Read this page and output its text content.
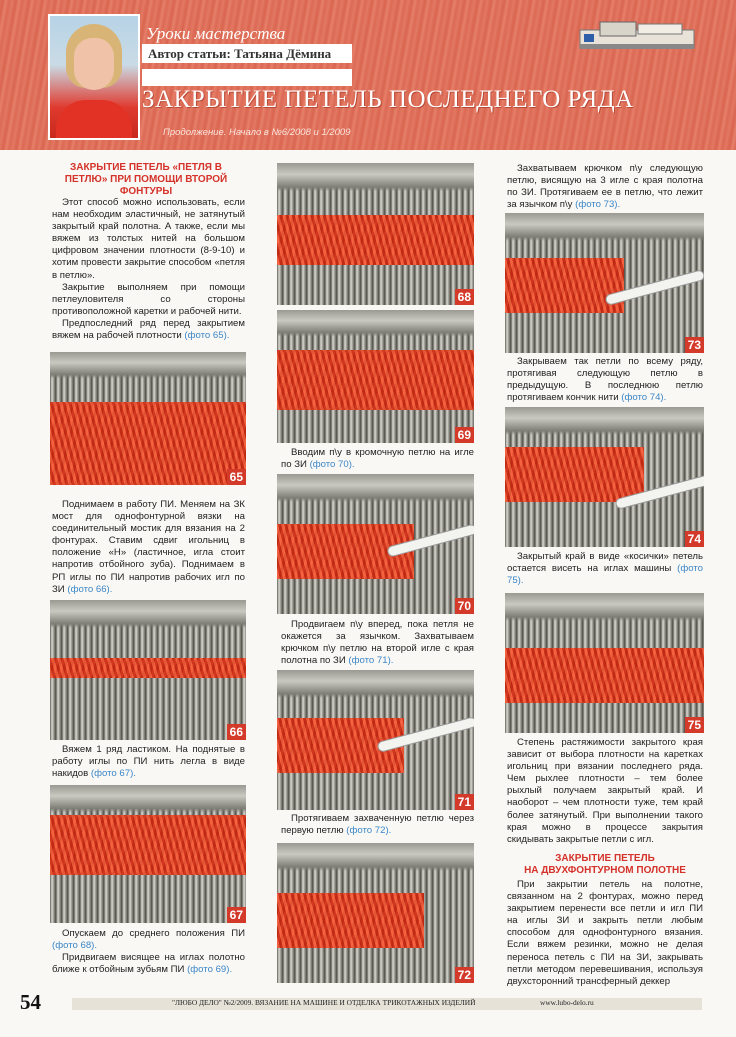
Уроки мастерства
Автор статьи: Татьяна Дёмина
ЗАКРЫТИЕ ПЕТЕЛЬ ПОСЛЕДНЕГО РЯДА
Продолжение. Начало в №6/2008 и 1/2009
ЗАКРЫТИЕ ПЕТЕЛЬ «ПЕТЛЯ В ПЕТЛЮ» ПРИ ПОМОЩИ ВТОРОЙ ФОНТУРЫ

Этот способ можно использовать, если нам необходим эластичный, не затянутый закрытый край полотна. А также, если мы вяжем из толстых нитей на большом цифровом значении плотности (8-9-10) и хотим провести закрытие способом «петля в петлю».

Закрытие выполняем при помощи петлеуловителя со стороны противоположной каретки и рабочей нити.

Предпоследний ряд перед закрытием вяжем на рабочей плотности (фото 65).

65

Поднимаем в работу ПИ. Меняем на ЗК мост для однофонтурной вязки на соединительный мостик для вязания на 2 фонтурах. Ставим сдвиг игольниц в положение «Н» (ластичное, игла стоит напротив отбойного зуба). Поднимаем в РП иглы по ПИ напротив рабочих игл по ЗИ (фото 66).

66

Вяжем 1 ряд ластиком. На поднятые в работу иглы по ПИ нить легла в виде накидов (фото 67).

67

Опускаем до среднего положения ПИ (фото 68).

Придвигаем висящее на иглах полотно ближе к отбойным зубьям ПИ (фото 69).

68
69

Вводим п\у в кромочную петлю на игле по ЗИ (фото 70).

70

Продвигаем п\у вперед, пока петля не окажется за язычком. Захватываем крючком п\у петлю на второй игле с края полотна по ЗИ (фото 71).

71

Протягиваем захваченную петлю через первую петлю (фото 72).

72

Захватываем крючком п\у следующую петлю, висящую на 3 игле с края полотна по ЗИ. Протягиваем ее в петлю, что лежит за язычком п\у (фото 73).

73

Закрываем так петли по всему ряду, протягивая следующую петлю в предыдущую. В последнюю петлю протягиваем кончик нити (фото 74).

74

Закрытый край в виде «косички» петель остается висеть на иглах машины (фото 75).

75

Степень растяжимости закрытого края зависит от выбора плотности на каретках игольниц при вязании последнего ряда. Чем рыхлее плотности – тем более рыхлый получаем закрытый край. И наоборот – чем плотности туже, тем край более затянутый. При выполнении такого края можно в процессе закрытия скидывать закрытые петли с игл.

ЗАКРЫТИЕ ПЕТЕЛЬ
НА ДВУХФОНТУРНОМ ПОЛОТНЕ

При закрытии петель на полотне, связанном на 2 фонтурах, можно перед закрытием перенести все петли и игл ПИ на иглы ЗИ и закрыть петли любым способом для однофонтурного вязания. Если вяжем резинки, можно не делая переноса петель с ПИ на ЗИ, закрывать петли методом перевешивания, используя двухсторонний трансферный деккер

54	"ЛЮБО ДЕЛО" №2/2009. ВЯЗАНИЕ НА МАШИНЕ И ОТДЕЛКА ТРИКОТАЖНЫХ ИЗДЕЛИЙ	www.lubo-delo.ru
